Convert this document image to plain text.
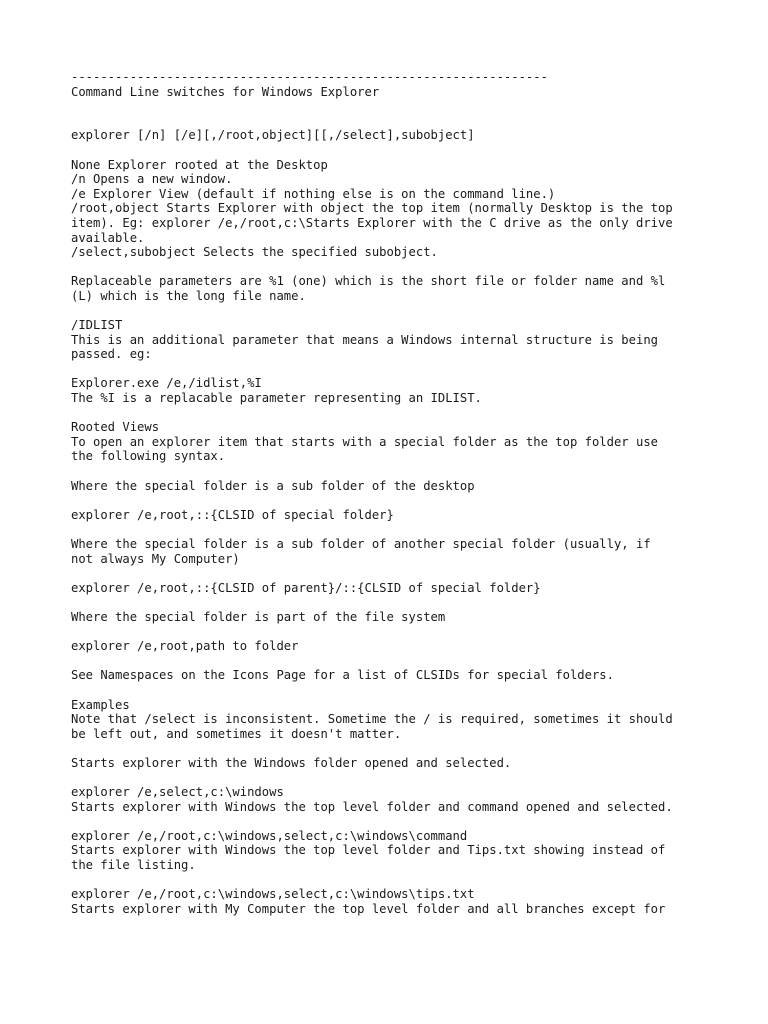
-----------------------------------------------------------------
Command Line switches for Windows Explorer
explorer [/n] [/e][,/root,object][[,/select],subobject]
None Explorer rooted at the Desktop
/n Opens a new window.
/e Explorer View (default if nothing else is on the command line.)
/root,object Starts Explorer with object the top item (normally Desktop is the top
item). Eg: explorer /e,/root,c:\Starts Explorer with the C drive as the only drive
available.
/select,subobject Selects the specified subobject.
Replaceable parameters are %1 (one) which is the short file or folder name and %l
(L) which is the long file name.
/IDLIST
This is an additional parameter that means a Windows internal structure is being
passed. eg:
Explorer.exe /e,/idlist,%I
The %I is a replacable parameter representing an IDLIST.
Rooted Views
To open an explorer item that starts with a special folder as the top folder use
the following syntax.
Where the special folder is a sub folder of the desktop
explorer /e,root,::{CLSID of special folder}
Where the special folder is a sub folder of another special folder (usually, if
not always My Computer)
explorer /e,root,::{CLSID of parent}/::{CLSID of special folder}
Where the special folder is part of the file system
explorer /e,root,path to folder
See Namespaces on the Icons Page for a list of CLSIDs for special folders.
Examples
Note that /select is inconsistent. Sometime the / is required, sometimes it should
be left out, and sometimes it doesn't matter.
Starts explorer with the Windows folder opened and selected.
explorer /e,select,c:\windows
Starts explorer with Windows the top level folder and command opened and selected.
explorer /e,/root,c:\windows,select,c:\windows\command
Starts explorer with Windows the top level folder and Tips.txt showing instead of
the file listing.
explorer /e,/root,c:\windows,select,c:\windows\tips.txt
Starts explorer with My Computer the top level folder and all branches except for
